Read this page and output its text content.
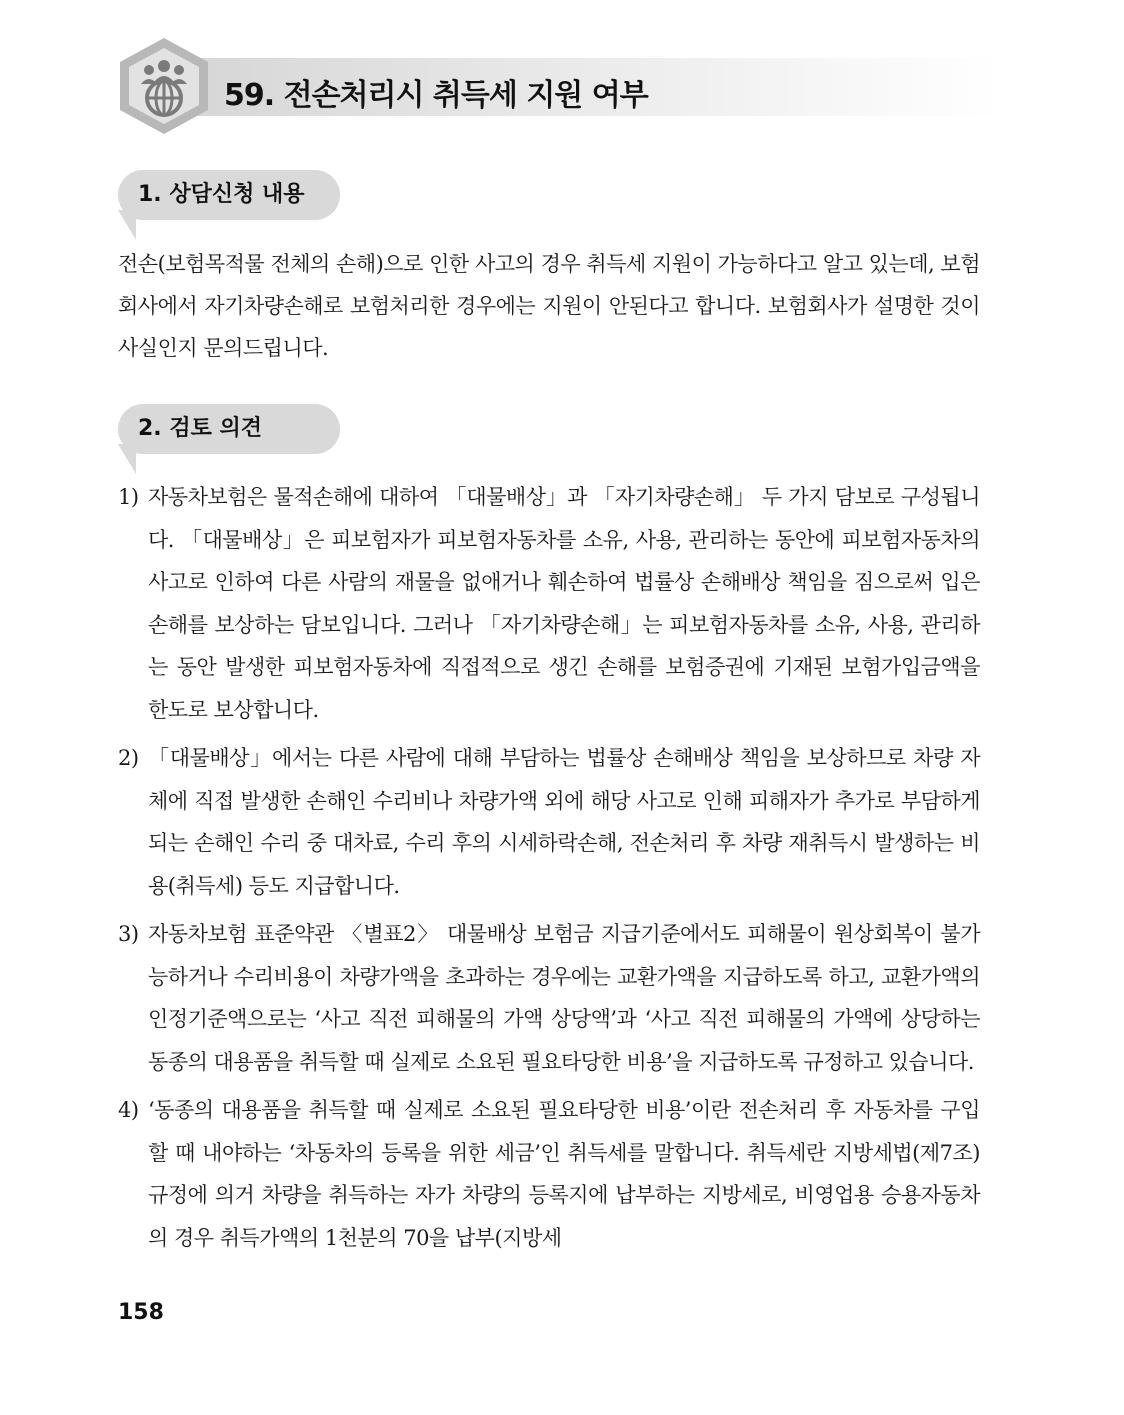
59. 전손처리시 취득세 지원 여부
1. 상담신청 내용
전손(보험목적물 전체의 손해)으로 인한 사고의 경우 취득세 지원이 가능하다고 알고 있는데, 보험회사에서 자기차량손해로 보험처리한 경우에는 지원이 안된다고 합니다. 보험회사가 설명한 것이 사실인지 문의드립니다.
2. 검토 의견
1) 자동차보험은 물적손해에 대하여 「대물배상」과 「자기차량손해」 두 가지 담보로 구성됩니다. 「대물배상」은 피보험자가 피보험자동차를 소유, 사용, 관리하는 동안에 피보험자동차의 사고로 인하여 다른 사람의 재물을 없애거나 훼손하여 법률상 손해배상 책임을 짐으로써 입은 손해를 보상하는 담보입니다. 그러나 「자기차량손해」는 피보험자동차를 소유, 사용, 관리하는 동안 발생한 피보험자동차에 직접적으로 생긴 손해를 보험증권에 기재된 보험가입금액을 한도로 보상합니다.
2) 「대물배상」에서는 다른 사람에 대해 부담하는 법률상 손해배상 책임을 보상하므로 차량 자체에 직접 발생한 손해인 수리비나 차량가액 외에 해당 사고로 인해 피해자가 추가로 부담하게 되는 손해인 수리 중 대차료, 수리 후의 시세하락손해, 전손처리 후 차량 재취득시 발생하는 비용(취득세) 등도 지급합니다.
3) 자동차보험 표준약관 〈별표2〉 대물배상 보험금 지급기준에서도 피해물이 원상회복이 불가능하거나 수리비용이 차량가액을 초과하는 경우에는 교환가액을 지급하도록 하고, 교환가액의 인정기준액으로는 ‘사고 직전 피해물의 가액 상당액’과 ‘사고 직전 피해물의 가액에 상당하는 동종의 대용품을 취득할 때 실제로 소요된 필요타당한 비용’을 지급하도록 규정하고 있습니다.
4) ‘동종의 대용품을 취득할 때 실제로 소요된 필요타당한 비용’이란 전손처리 후 자동차를 구입할 때 내야하는 ‘차동차의 등록을 위한 세금’인 취득세를 말합니다. 취득세란 지방세법(제7조) 규정에 의거 차량을 취득하는 자가 차량의 등록지에 납부하는 지방세로, 비영업용 승용자동차의 경우 취득가액의 1천분의 70을 납부(지방세
158
